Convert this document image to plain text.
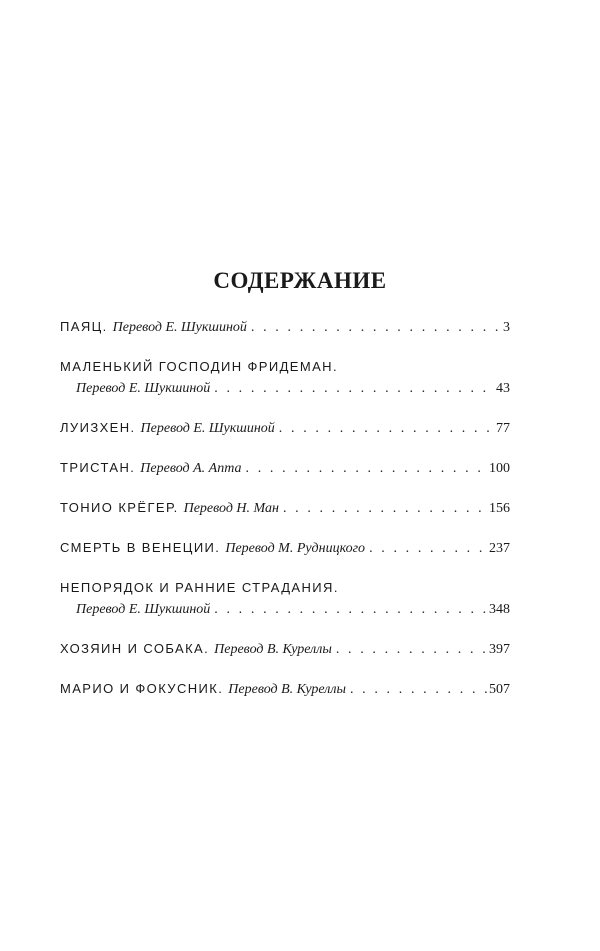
СОДЕРЖАНИЕ
ПАЯЦ. Перевод Е. Шукшиной . . .	3
МАЛЕНЬКИЙ ГОСПОДИН ФРИДЕМАН.
Перевод Е. Шукшиной . . .	43
ЛУИЗХЕН. Перевод Е. Шукшиной . . .	77
ТРИСТАН. Перевод А. Апта . . .	100
ТОНИО КРЁГЕР. Перевод Н. Ман . . .	156
СМЕРТЬ В ВЕНЕЦИИ. Перевод М. Рудницкого . . .	237
НЕПОРЯДОК И РАННИЕ СТРАДАНИЯ.
Перевод Е. Шукшиной . . .	348
ХОЗЯИН И СОБАКА. Перевод В. Куреллы . . .	397
МАРИО И ФОКУСНИК. Перевод В. Куреллы . . .	507
